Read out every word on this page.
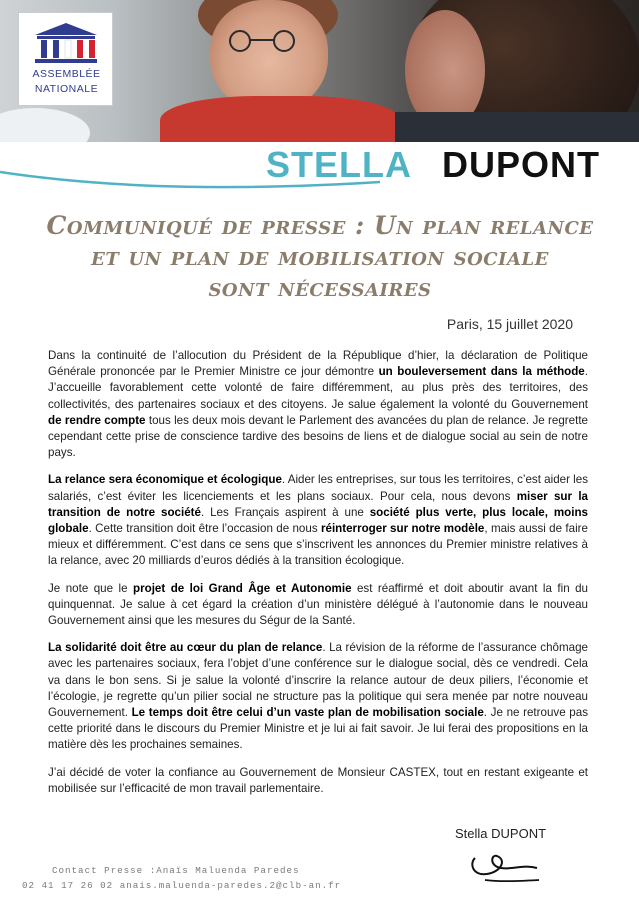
ASSEMBLÉE
NATIONALE
STELLA DUPONT
Communiqué de presse : Un plan relance
et un plan de mobilisation sociale
sont nécessaires
Paris, 15 juillet 2020

Dans la continuité de l’allocution du Président de la République d’hier, la déclaration de Politique Générale prononcée par le Premier Ministre ce jour démontre un bouleversement dans la méthode. J’accueille favorablement cette volonté de faire différemment, au plus près des territoires, des collectivités, des partenaires sociaux et des citoyens. Je salue également la volonté du Gouvernement de rendre compte tous les deux mois devant le Parlement des avancées du plan de relance. Je regrette cependant cette prise de conscience tardive des besoins de liens et de dialogue social au sein de notre pays.

La relance sera économique et écologique. Aider les entreprises, sur tous les territoires, c’est aider les salariés, c’est éviter les licenciements et les plans sociaux. Pour cela, nous devons miser sur la transition de notre société. Les Français aspirent à une société plus verte, plus locale, moins globale. Cette transition doit être l’occasion de nous réinterroger sur notre modèle, mais aussi de faire mieux et différemment. C’est dans ce sens que s’inscrivent les annonces du Premier ministre relatives à la relance, avec 20 milliards d’euros dédiés à la transition écologique.

Je note que le projet de loi Grand Âge et Autonomie est réaffirmé et doit aboutir avant la fin du quinquennat. Je salue à cet égard la création d’un ministère délégué à l’autonomie dans le nouveau Gouvernement ainsi que les mesures du Ségur de la Santé.

La solidarité doit être au cœur du plan de relance. La révision de la réforme de l’assurance chômage avec les partenaires sociaux, fera l’objet d’une conférence sur le dialogue social, dès ce vendredi. Cela va dans le bon sens. Si je salue la volonté d’inscrire la relance autour de deux piliers, l’économie et l’écologie, je regrette qu’un pilier social ne structure pas la politique qui sera menée par notre nouveau Gouvernement. Le temps doit être celui d’un vaste plan de mobilisation sociale. Je ne retrouve pas cette priorité dans le discours du Premier Ministre et je lui ai fait savoir. Je lui ferai des propositions en la matière dès les prochaines semaines.

J’ai décidé de voter la confiance au Gouvernement de Monsieur CASTEX, tout en restant exigeante et mobilisée sur l’efficacité de mon travail parlementaire.

Stella DUPONT
Contact Presse :Anaïs Maluenda Paredes
02 41 17 26 02 anais.maluenda-paredes.2@clb-an.fr
